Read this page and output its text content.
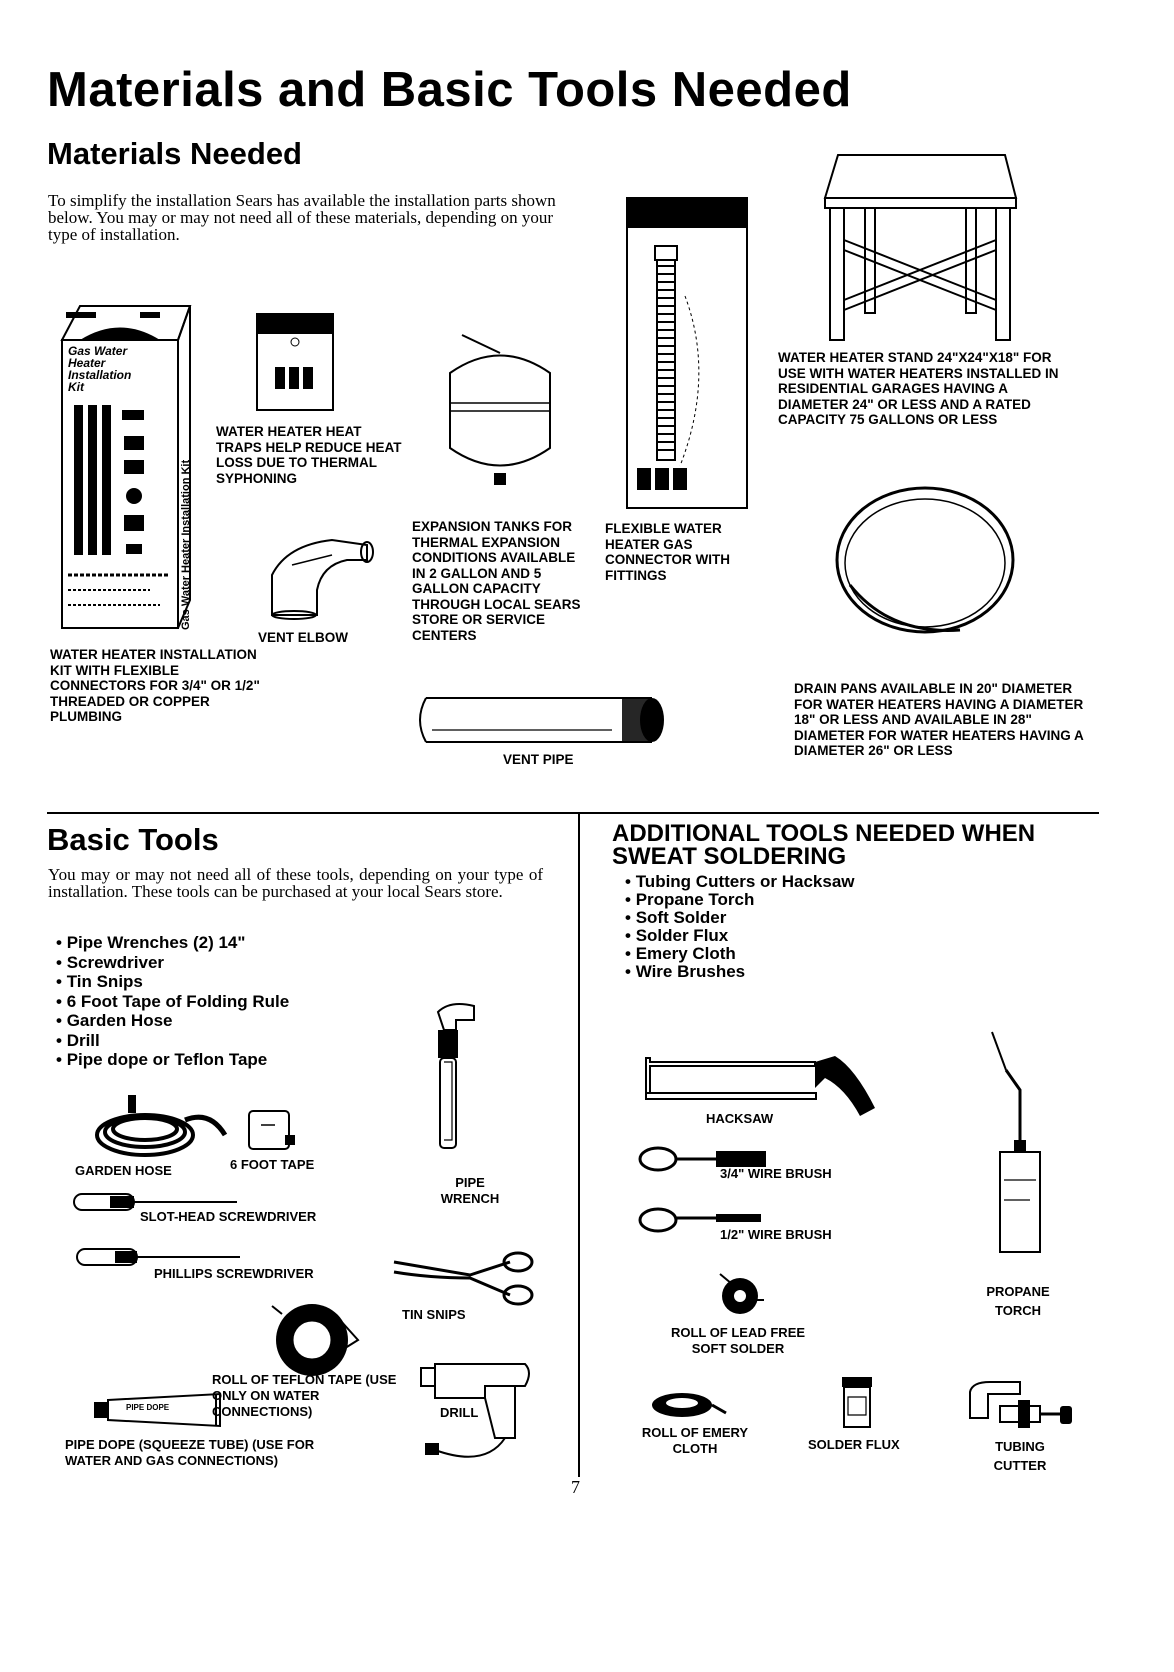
Materials and Basic Tools Needed
Materials Needed
To simplify the installation Sears has available the installation parts shown below. You may or may not need all of these materials, depending on your type of installation.
Gas Water Heater Installation Kit
Gas Water Heater Installation Kit
WATER HEATER INSTALLATION KIT WITH FLEXIBLE CONNECTORS FOR 3/4" OR 1/2" THREADED OR COPPER PLUMBING
WATER HEATER HEAT TRAPS HELP REDUCE HEAT LOSS DUE TO THERMAL SYPHONING
VENT ELBOW
EXPANSION TANKS FOR THERMAL EXPANSION CONDITIONS AVAILABLE IN 2 GALLON AND 5 GALLON CAPACITY THROUGH LOCAL SEARS STORE OR SERVICE CENTERS
FLEXIBLE WATER HEATER GAS CONNECTOR WITH FITTINGS
WATER HEATER STAND 24"X24"X18" FOR USE WITH WATER HEATERS INSTALLED IN RESIDENTIAL GARAGES HAVING A DIAMETER 24" OR LESS AND A RATED CAPACITY 75 GALLONS OR LESS
DRAIN PANS AVAILABLE IN 20" DIAMETER FOR WATER HEATERS HAVING A DIAMETER 18" OR LESS AND AVAILABLE IN 28" DIAMETER FOR WATER HEATERS HAVING A DIAMETER 26" OR LESS
VENT PIPE
Basic Tools
You may or may not need all of these tools, depending on your type of installation. These tools can be purchased at your local Sears store.
• Pipe Wrenches (2) 14"
• Screwdriver
• Tin Snips
• 6 Foot Tape of Folding Rule
• Garden Hose
• Drill
• Pipe dope or Teflon Tape
GARDEN HOSE	6 FOOT TAPE
PIPE WRENCH
SLOT-HEAD SCREWDRIVER
PHILLIPS SCREWDRIVER
TIN SNIPS
ROLL OF TEFLON TAPE (USE ONLY ON WATER CONNECTIONS)	DRILL
PIPE DOPE
PIPE DOPE (SQUEEZE TUBE) (USE FOR WATER AND GAS CONNECTIONS)
ADDITIONAL TOOLS NEEDED WHEN SWEAT SOLDERING
• Tubing Cutters or Hacksaw
• Propane Torch
• Soft Solder
• Solder Flux
• Emery Cloth
• Wire Brushes
HACKSAW
3/4" WIRE BRUSH
1/2" WIRE BRUSH
PROPANE TORCH
ROLL OF LEAD FREE SOFT SOLDER
ROLL OF EMERY CLOTH	SOLDER FLUX	TUBING CUTTER
7
